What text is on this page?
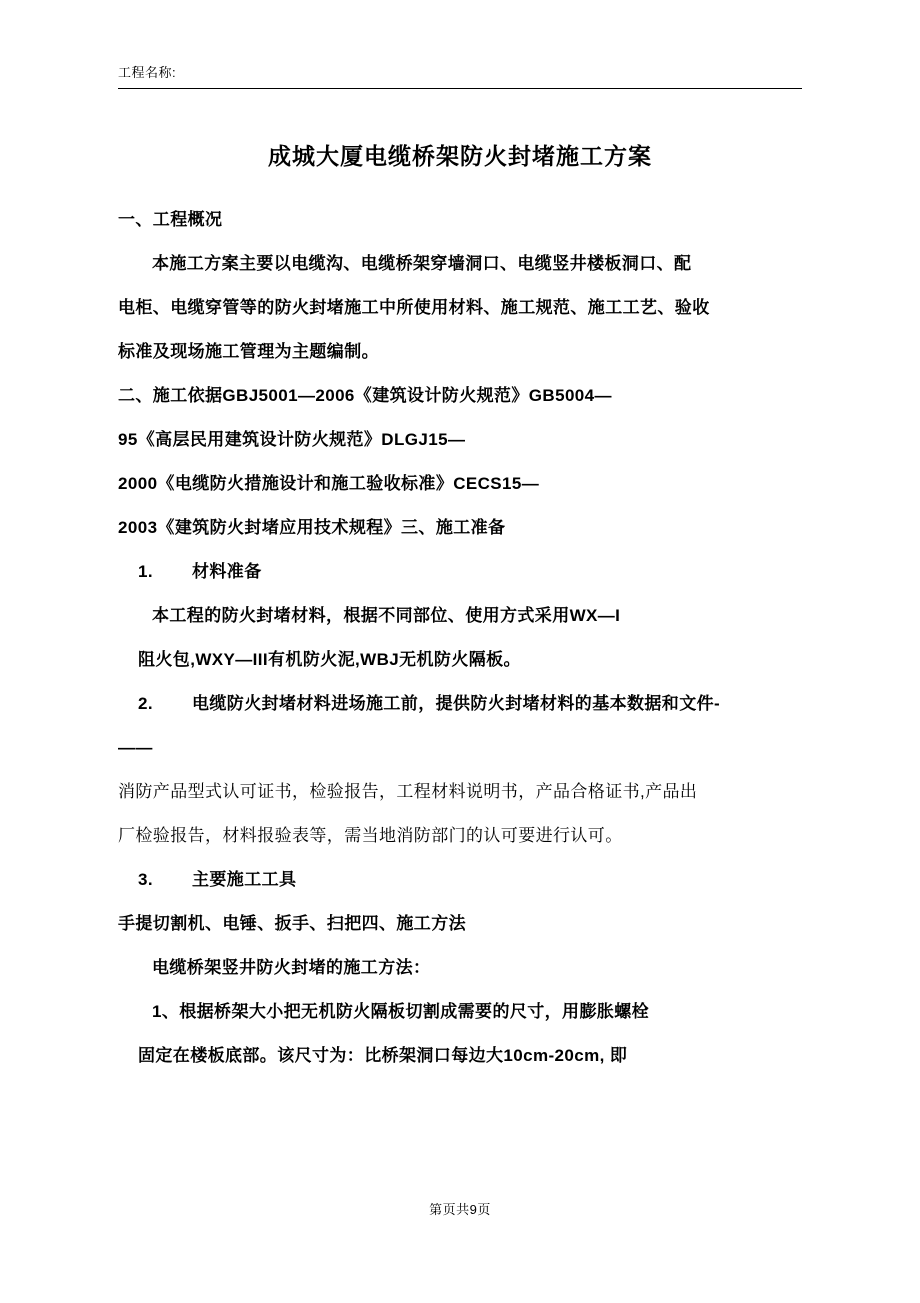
工程名称:
成城大厦电缆桥架防火封堵施工方案

一、工程概况

本施工方案主要以电缆沟、电缆桥架穿墙洞口、电缆竖井楼板洞口、配

电柜、电缆穿管等的防火封堵施工中所使用材料、施工规范、施工工艺、验收

标准及现场施工管理为主题编制。

二、施工依据GBJ5001—2006《建筑设计防火规范》GB5004—

95《高层民用建筑设计防火规范》DLGJ15—

2000《电缆防火措施设计和施工验收标准》CECS15—

2003《建筑防火封堵应用技术规程》三、施工准备

1. 材料准备

本工程的防火封堵材料，根据不同部位、使用方式采用WX—I

阻火包,WXY—III有机防火泥,WBJ无机防火隔板。

2. 电缆防火封堵材料进场施工前，提供防火封堵材料的基本数据和文件-

——

消防产品型式认可证书，检验报告，工程材料说明书，产品合格证书,产品出

厂检验报告，材料报验表等，需当地消防部门的认可要进行认可。

3. 主要施工工具

手提切割机、电锤、扳手、扫把四、施工方法

电缆桥架竖井防火封堵的施工方法：

1、根据桥架大小把无机防火隔板切割成需要的尺寸，用膨胀螺栓

固定在楼板底部。该尺寸为：比桥架洞口每边大10cm-20cm, 即

第页共9页
